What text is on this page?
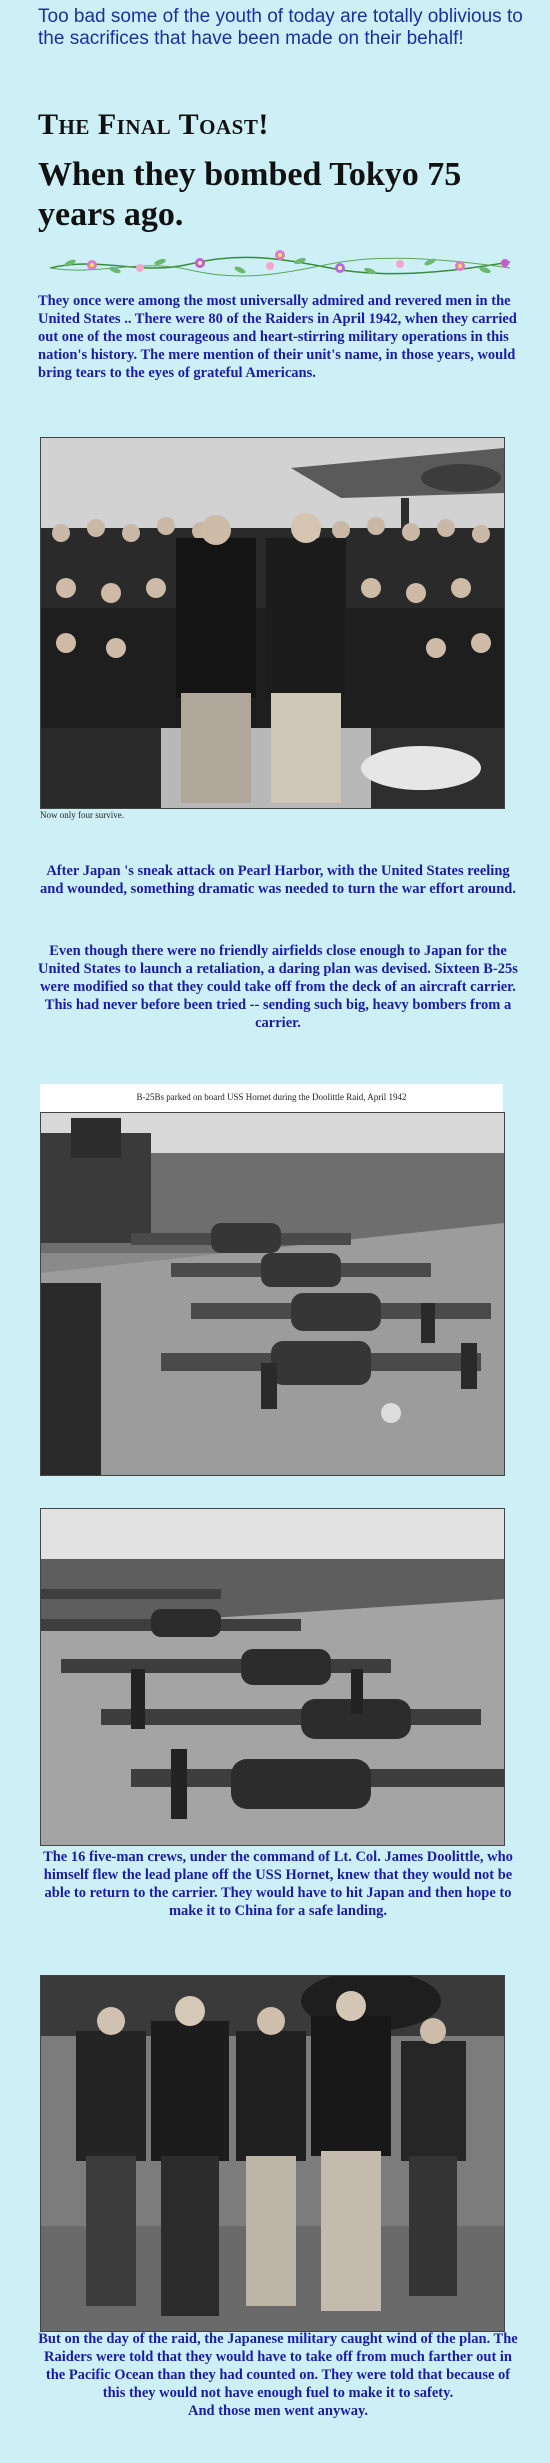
Too bad some of the youth of today are totally oblivious to the sacrifices that have been made on their behalf!
The Final Toast!
When they bombed Tokyo 75 years ago.
They once were among the most universally admired and revered men in the United States .. There were 80 of the Raiders in April 1942, when they carried out one of the most courageous and heart-stirring military operations in this nation's history. The mere mention of their unit's name, in those years, would bring tears to the eyes of grateful Americans.
Now only four survive.
After Japan 's sneak attack on Pearl Harbor, with the United States reeling and wounded, something dramatic was needed to turn the war effort around.
Even though there were no friendly airfields close enough to Japan for the United States to launch a retaliation, a daring plan was devised. Sixteen B-25s
were modified so that they could take off from the deck of an aircraft carrier. This had never before been tried -- sending such big, heavy bombers from a carrier.
B-25Bs parked on board USS Hornet during the Doolittle Raid, April 1942
The 16 five-man crews, under the command of Lt. Col. James Doolittle, who himself flew the lead plane off the USS Hornet, knew that they would not be able to return to the carrier. They would have to hit Japan and then hope to make it to China for a safe landing.
But on the day of the raid, the Japanese military caught wind of the plan. The Raiders were told that they would have to take off from much farther out in the Pacific Ocean than they had counted on. They were told that because of this they would not have enough fuel to make it to safety.
And those men went anyway.
